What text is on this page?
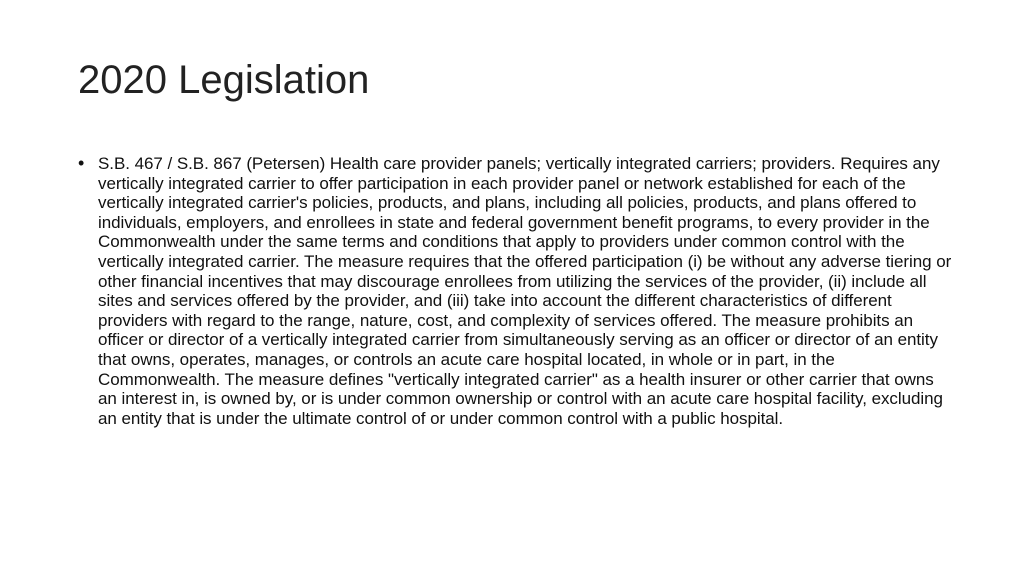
2020 Legislation
• S.B. 467 / S.B. 867 (Petersen) Health care provider panels; vertically integrated carriers; providers. Requires any vertically integrated carrier to offer participation in each provider panel or network established for each of the vertically integrated carrier's policies, products, and plans, including all policies, products, and plans offered to individuals, employers, and enrollees in state and federal government benefit programs, to every provider in the Commonwealth under the same terms and conditions that apply to providers under common control with the vertically integrated carrier. The measure requires that the offered participation (i) be without any adverse tiering or other financial incentives that may discourage enrollees from utilizing the services of the provider, (ii) include all sites and services offered by the provider, and (iii) take into account the different characteristics of different providers with regard to the range, nature, cost, and complexity of services offered. The measure prohibits an officer or director of a vertically integrated carrier from simultaneously serving as an officer or director of an entity that owns, operates, manages, or controls an acute care hospital located, in whole or in part, in the Commonwealth. The measure defines "vertically integrated carrier" as a health insurer or other carrier that owns an interest in, is owned by, or is under common ownership or control with an acute care hospital facility, excluding an entity that is under the ultimate control of or under common control with a public hospital.
